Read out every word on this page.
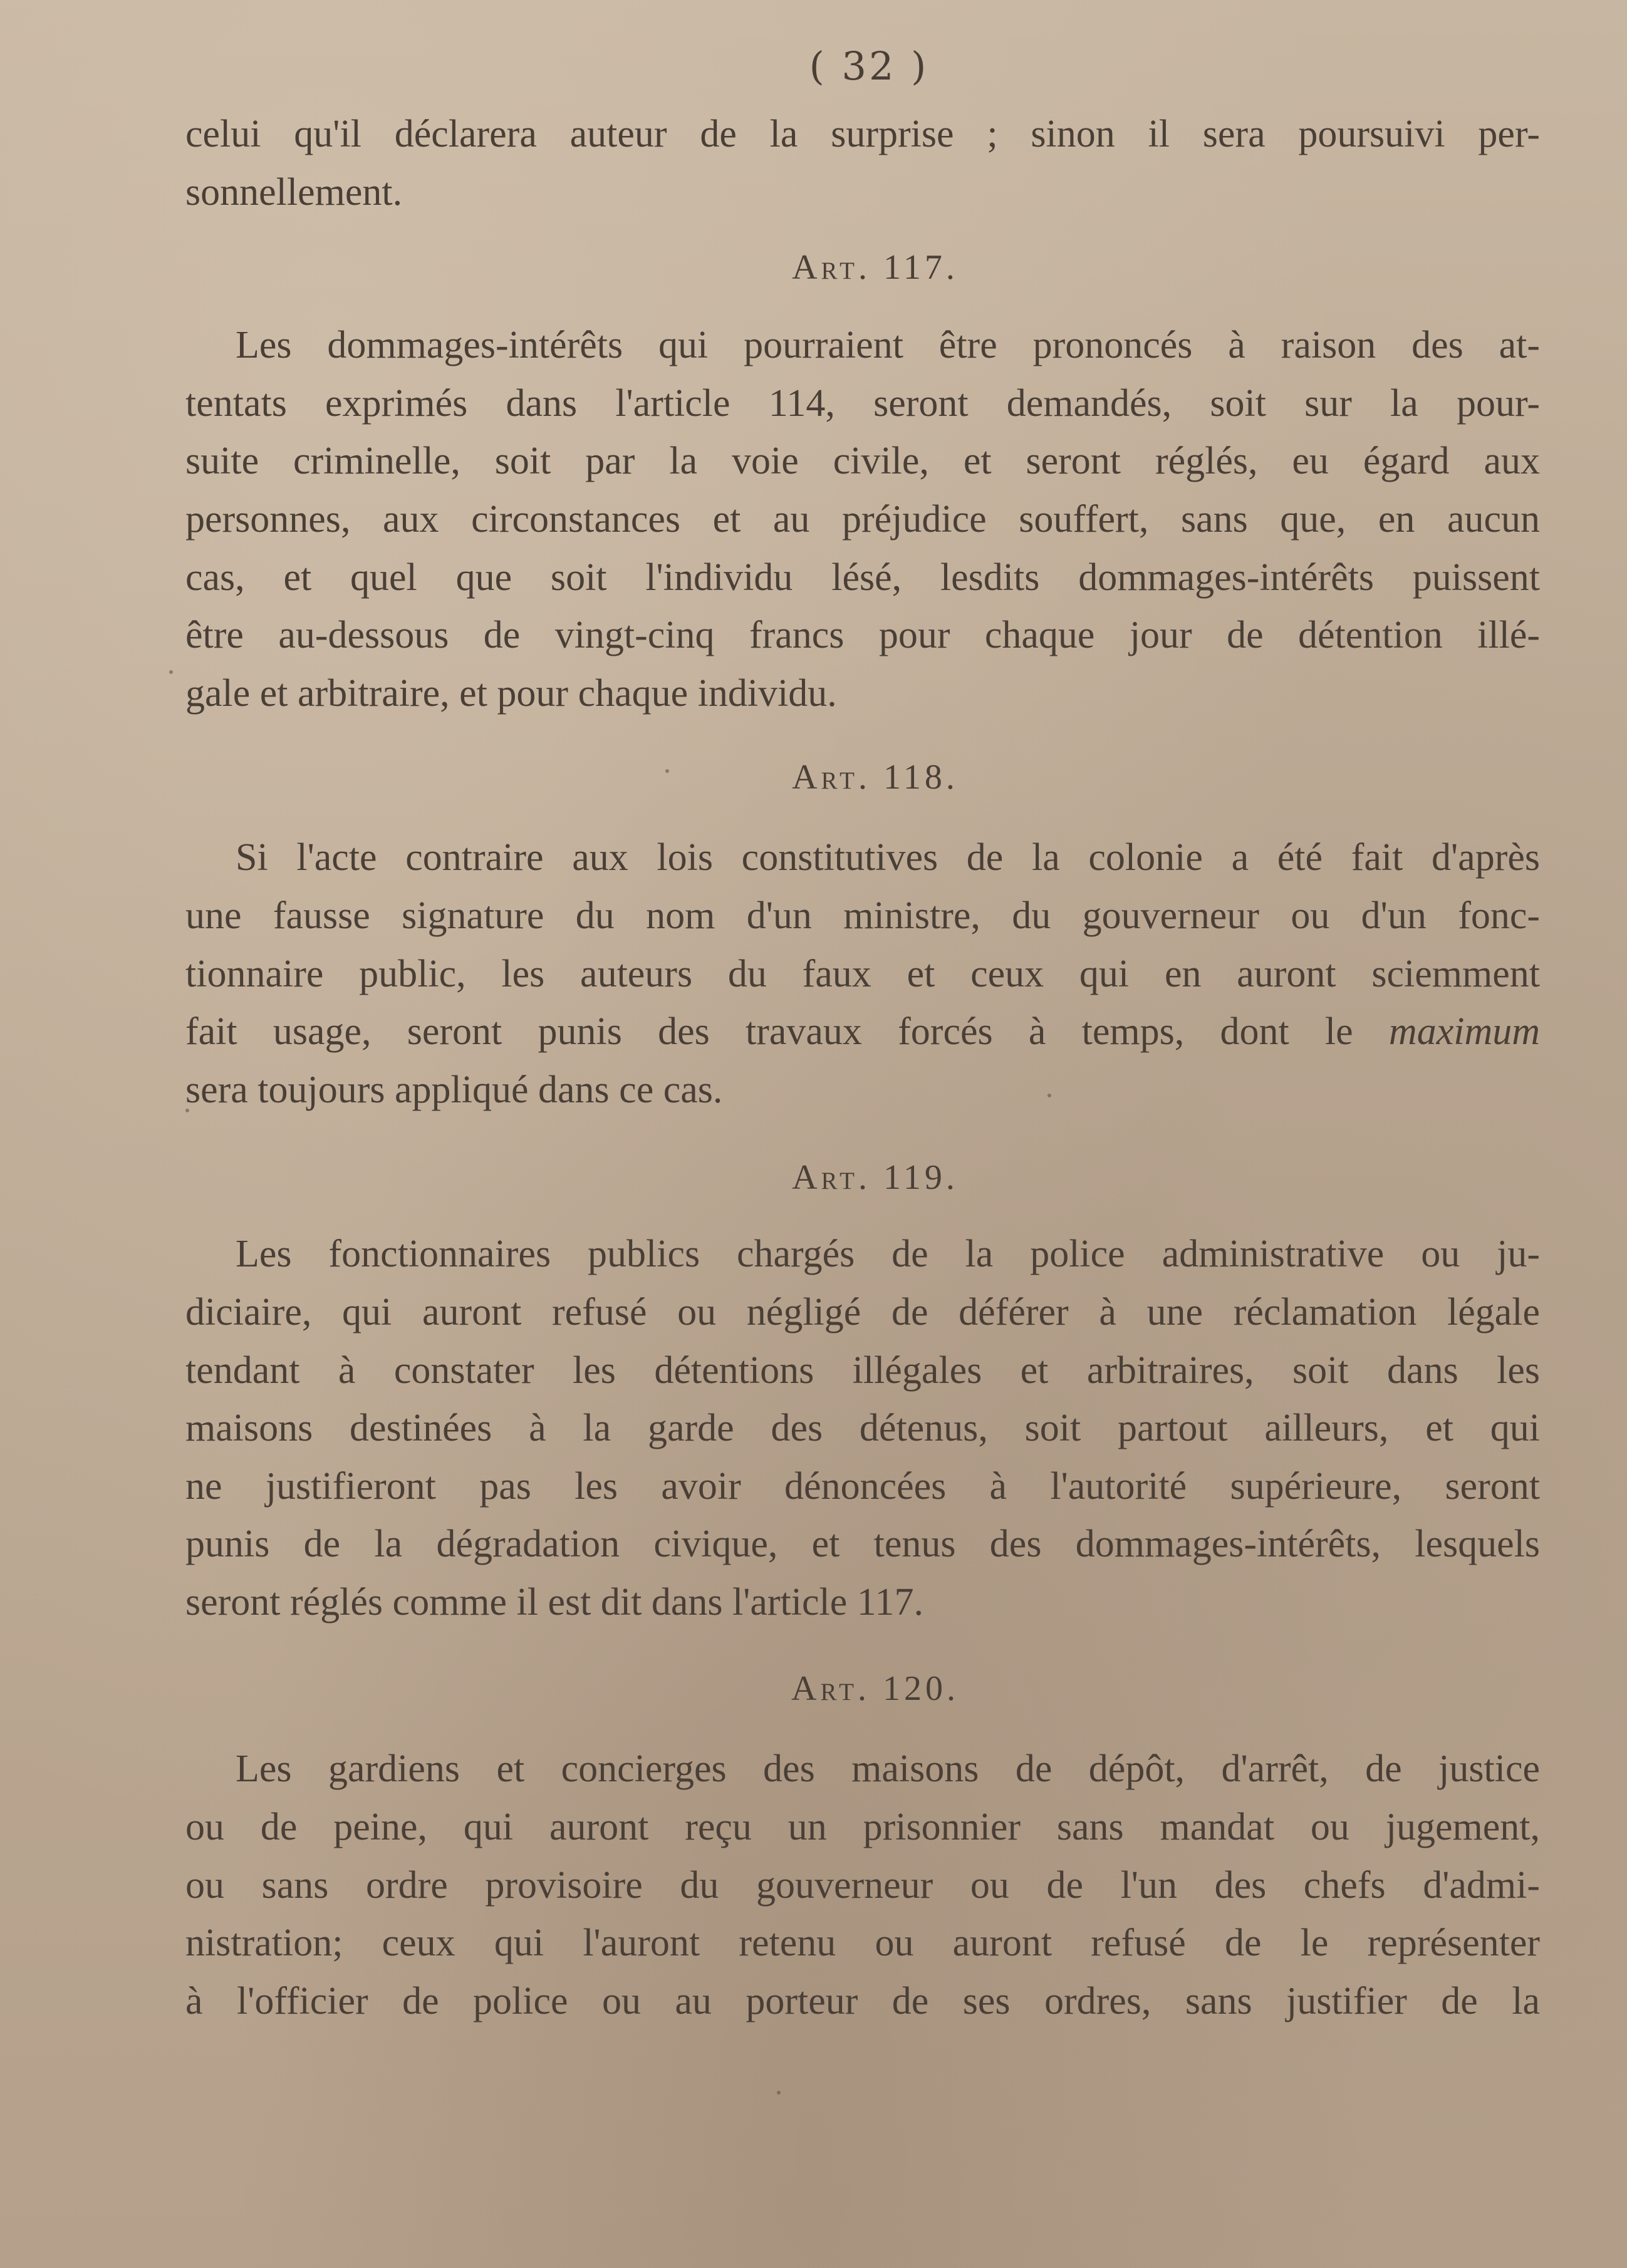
( 32 )

celui qu'il déclarera auteur de la surprise ; sinon il sera poursuivi per-
sonnellement.

Art. 117.

Les dommages-intérêts qui pourraient être prononcés à raison des at-
tentats exprimés dans l'article 114, seront demandés, soit sur la pour-
suite criminelle, soit par la voie civile, et seront réglés, eu égard aux
personnes, aux circonstances et au préjudice souffert, sans que, en aucun
cas, et quel que soit l'individu lésé, lesdits dommages-intérêts puissent
être au-dessous de vingt-cinq francs pour chaque jour de détention illé-
gale et arbitraire, et pour chaque individu.

Art. 118.

Si l'acte contraire aux lois constitutives de la colonie a été fait d'après
une fausse signature du nom d'un ministre, du gouverneur ou d'un fonc-
tionnaire public, les auteurs du faux et ceux qui en auront sciemment
fait usage, seront punis des travaux forcés à temps, dont le maximum
sera toujours appliqué dans ce cas.

Art. 119.

Les fonctionnaires publics chargés de la police administrative ou ju-
diciaire, qui auront refusé ou négligé de déférer à une réclamation légale
tendant à constater les détentions illégales et arbitraires, soit dans les
maisons destinées à la garde des détenus, soit partout ailleurs, et qui
ne justifieront pas les avoir dénoncées à l'autorité supérieure, seront
punis de la dégradation civique, et tenus des dommages-intérêts, lesquels
seront réglés comme il est dit dans l'article 117.

Art. 120.

Les gardiens et concierges des maisons de dépôt, d'arrêt, de justice
ou de peine, qui auront reçu un prisonnier sans mandat ou jugement,
ou sans ordre provisoire du gouverneur ou de l'un des chefs d'admi-
nistration; ceux qui l'auront retenu ou auront refusé de le représenter
à l'officier de police ou au porteur de ses ordres, sans justifier de la
